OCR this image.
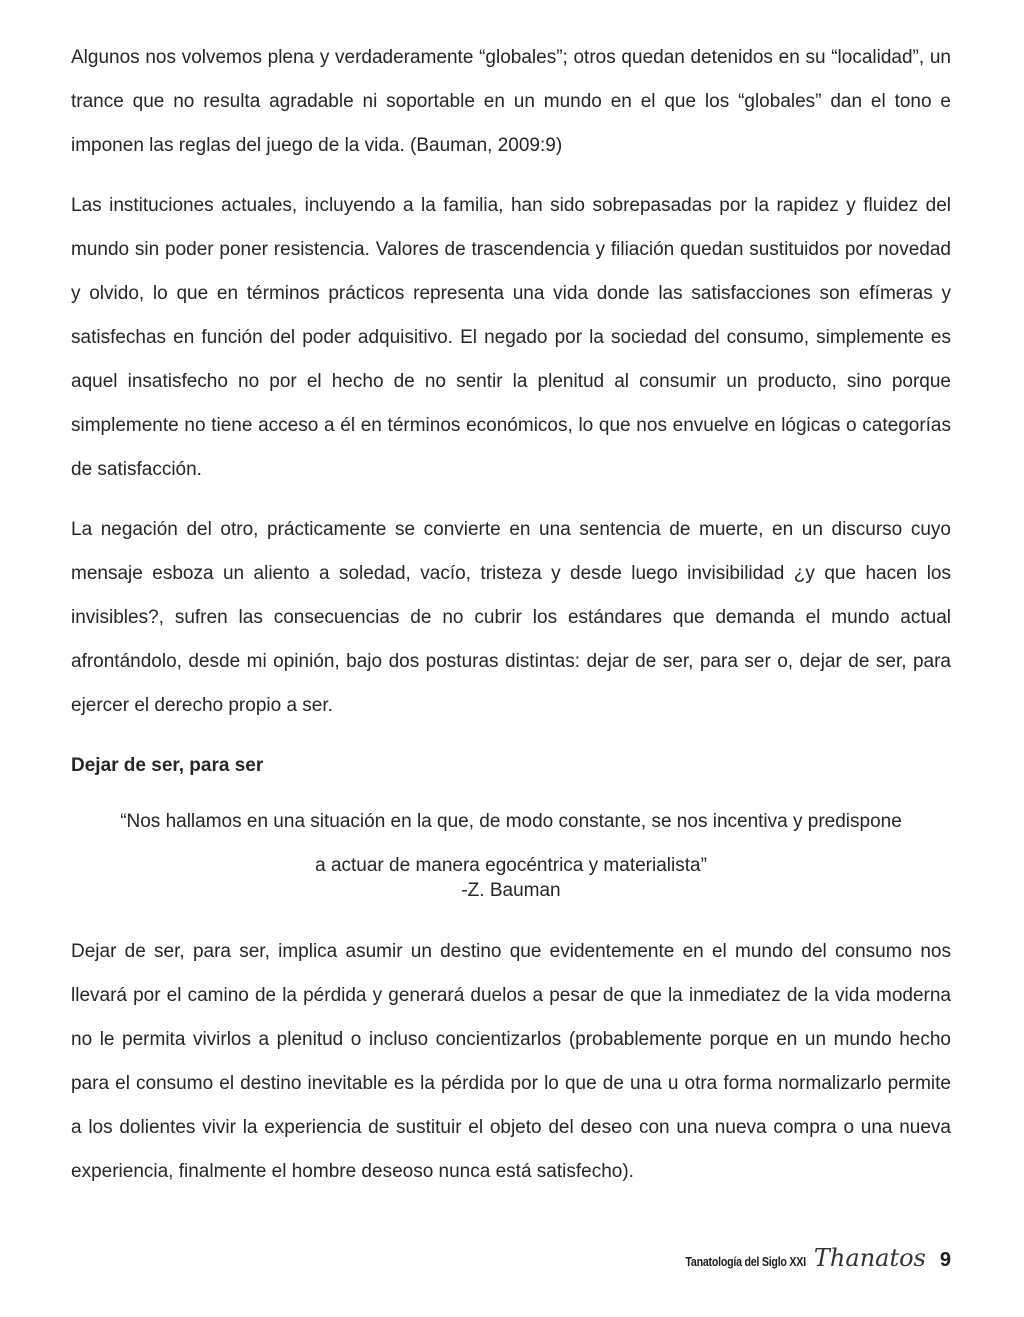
Algunos nos volvemos plena y verdaderamente “globales”; otros quedan detenidos en su “localidad”, un trance que no resulta agradable ni soportable en un mundo en el que los “globales” dan el tono e imponen las reglas del juego de la vida. (Bauman, 2009:9)

Las instituciones actuales, incluyendo a la familia, han sido sobrepasadas por la rapidez y fluidez del mundo sin poder poner resistencia. Valores de trascendencia y filiación quedan sustituidos por novedad y olvido, lo que en términos prácticos representa una vida donde las satisfacciones son efímeras y satisfechas en función del poder adquisitivo. El negado por la sociedad del consumo, simplemente es aquel insatisfecho no por el hecho de no sentir la plenitud al consumir un producto, sino porque simplemente no tiene acceso a él en términos económicos, lo que nos envuelve en lógicas o categorías de satisfacción.

La negación del otro, prácticamente se convierte en una sentencia de muerte, en un discurso cuyo mensaje esboza un aliento a soledad, vacío, tristeza y desde luego invisibilidad ¿y que hacen los invisibles?, sufren las consecuencias de no cubrir los estándares que demanda el mundo actual afrontándolo, desde mi opinión, bajo dos posturas distintas: dejar de ser, para ser o, dejar de ser, para ejercer el derecho propio a ser.

Dejar de ser, para ser
“Nos hallamos en una situación en la que, de modo constante, se nos incentiva y predispone
a actuar de manera egocéntrica y materialista”
-Z. Bauman

Dejar de ser, para ser, implica asumir un destino que evidentemente en el mundo del consumo nos llevará por el camino de la pérdida y generará duelos a pesar de que la inmediatez de la vida moderna no le permita vivirlos a plenitud o incluso concientizarlos (probablemente porque en un mundo hecho para el consumo el destino inevitable es la pérdida por lo que de una u otra forma normalizarlo permite a los dolientes vivir la experiencia de sustituir el objeto del deseo con una nueva compra o una nueva experiencia, finalmente el hombre deseoso nunca está satisfecho).

Tanatología del Siglo XXI Thanatos 9
